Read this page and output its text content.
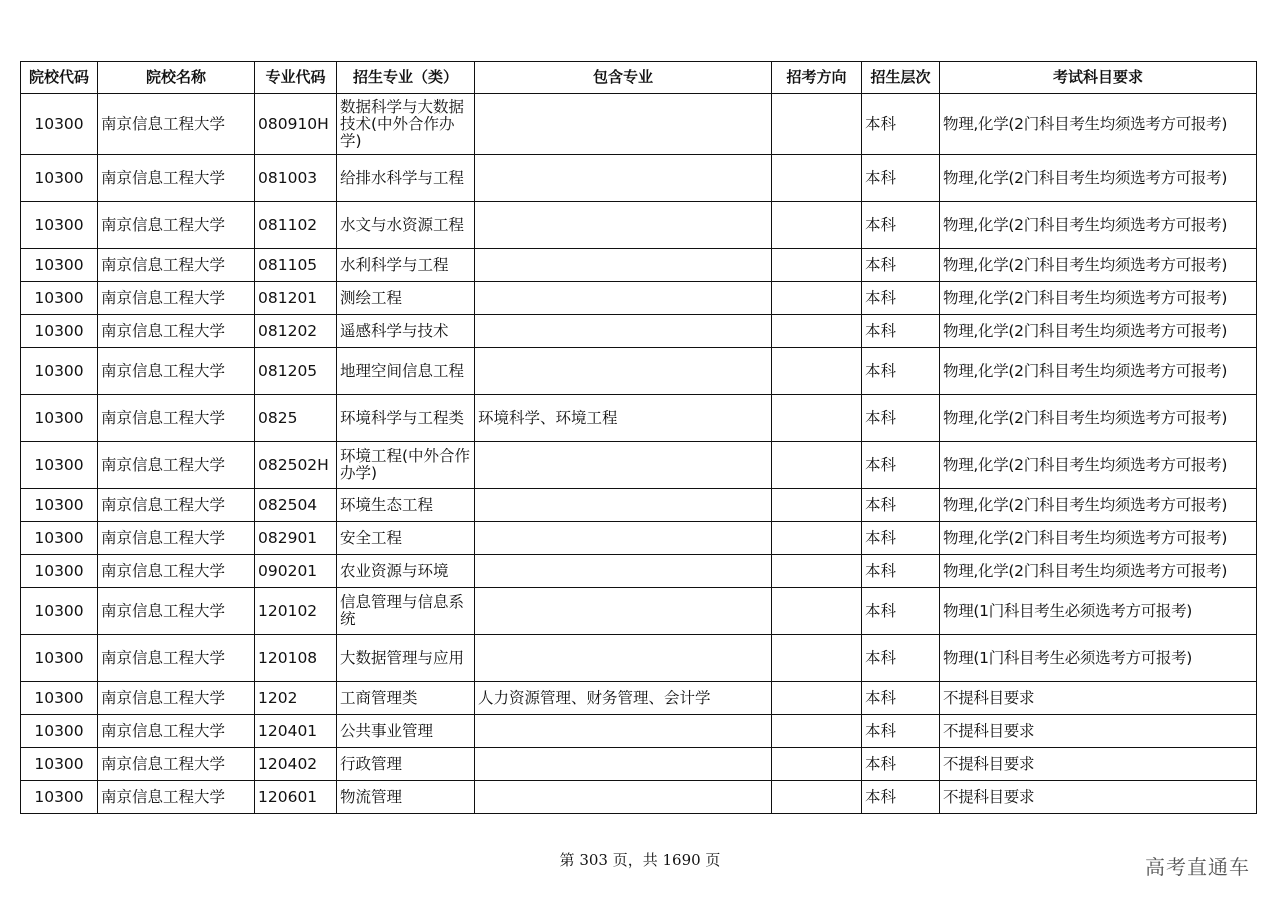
院校代码	院校名称	专业代码	招生专业（类）	包含专业	招考方向	招生层次	考试科目要求
10300	南京信息工程大学	080910H	数据科学与大数据技术(中外合作办学)			本科	物理,化学(2门科目考生均须选考方可报考)
10300	南京信息工程大学	081003	给排水科学与工程			本科	物理,化学(2门科目考生均须选考方可报考)
10300	南京信息工程大学	081102	水文与水资源工程			本科	物理,化学(2门科目考生均须选考方可报考)
10300	南京信息工程大学	081105	水利科学与工程			本科	物理,化学(2门科目考生均须选考方可报考)
10300	南京信息工程大学	081201	测绘工程			本科	物理,化学(2门科目考生均须选考方可报考)
10300	南京信息工程大学	081202	遥感科学与技术			本科	物理,化学(2门科目考生均须选考方可报考)
10300	南京信息工程大学	081205	地理空间信息工程			本科	物理,化学(2门科目考生均须选考方可报考)
10300	南京信息工程大学	0825	环境科学与工程类	环境科学、环境工程		本科	物理,化学(2门科目考生均须选考方可报考)
10300	南京信息工程大学	082502H	环境工程(中外合作办学)			本科	物理,化学(2门科目考生均须选考方可报考)
10300	南京信息工程大学	082504	环境生态工程			本科	物理,化学(2门科目考生均须选考方可报考)
10300	南京信息工程大学	082901	安全工程			本科	物理,化学(2门科目考生均须选考方可报考)
10300	南京信息工程大学	090201	农业资源与环境			本科	物理,化学(2门科目考生均须选考方可报考)
10300	南京信息工程大学	120102	信息管理与信息系统			本科	物理(1门科目考生必须选考方可报考)
10300	南京信息工程大学	120108	大数据管理与应用			本科	物理(1门科目考生必须选考方可报考)
10300	南京信息工程大学	1202	工商管理类	人力资源管理、财务管理、会计学		本科	不提科目要求
10300	南京信息工程大学	120401	公共事业管理			本科	不提科目要求
10300	南京信息工程大学	120402	行政管理			本科	不提科目要求
10300	南京信息工程大学	120601	物流管理			本科	不提科目要求
第 303 页，共 1690 页	高考直通车
